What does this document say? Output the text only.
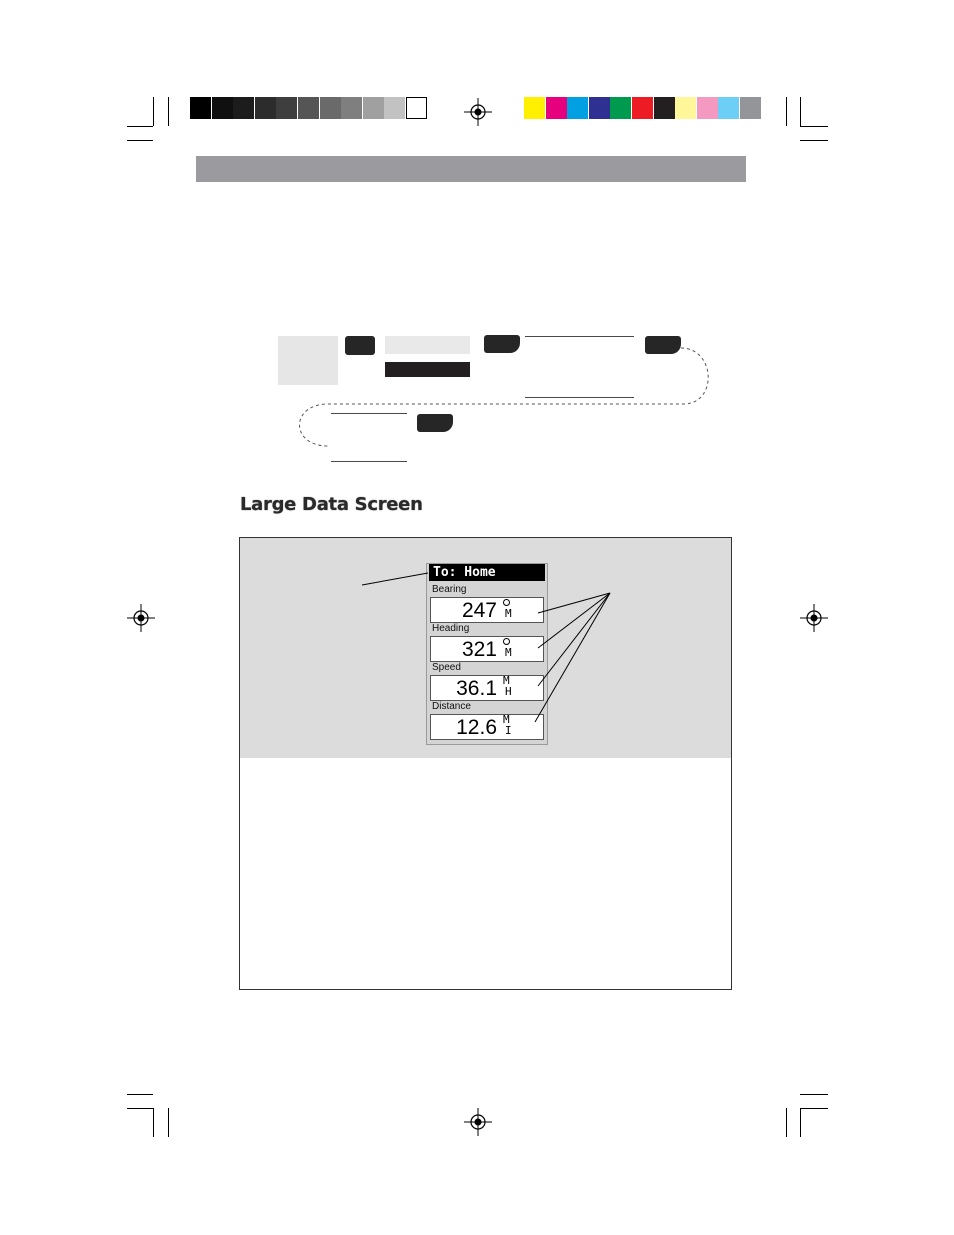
Large Data Screen
To: Home
Bearing
247 M
Heading
321 M
Speed
36.1 M
H
Distance
12.6 M
I
